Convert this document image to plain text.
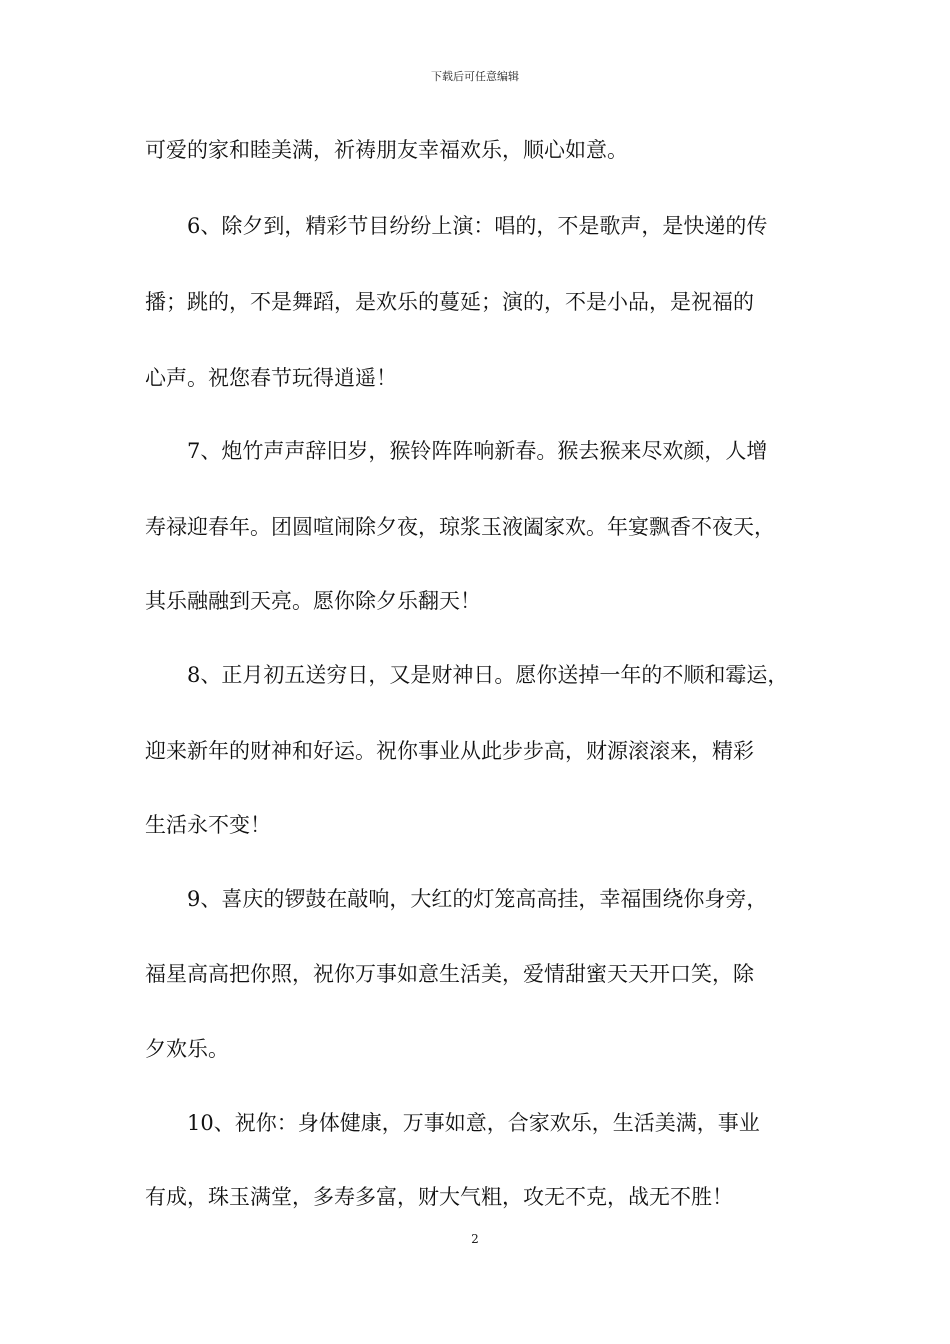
下载后可任意编辑
可爱的家和睦美满，祈祷朋友幸福欢乐，顺心如意。
　　6、除夕到，精彩节目纷纷上演：唱的，不是歌声，是快递的传
播；跳的，不是舞蹈，是欢乐的蔓延；演的，不是小品，是祝福的
心声。祝您春节玩得逍遥！
　　7、炮竹声声辞旧岁，猴铃阵阵响新春。猴去猴来尽欢颜，人增
寿禄迎春年。团圆喧闹除夕夜，琼浆玉液阖家欢。年宴飘香不夜天，
其乐融融到天亮。愿你除夕乐翻天！
　　8、正月初五送穷日，又是财神日。愿你送掉一年的不顺和霉运，
迎来新年的财神和好运。祝你事业从此步步高，财源滚滚来，精彩
生活永不变！
　　9、喜庆的锣鼓在敲响，大红的灯笼高高挂，幸福围绕你身旁，
福星高高把你照，祝你万事如意生活美，爱情甜蜜天天开口笑，除
夕欢乐。
　　10、祝你：身体健康，万事如意，合家欢乐，生活美满，事业
有成，珠玉满堂，多寿多富，财大气粗，攻无不克，战无不胜！
2
